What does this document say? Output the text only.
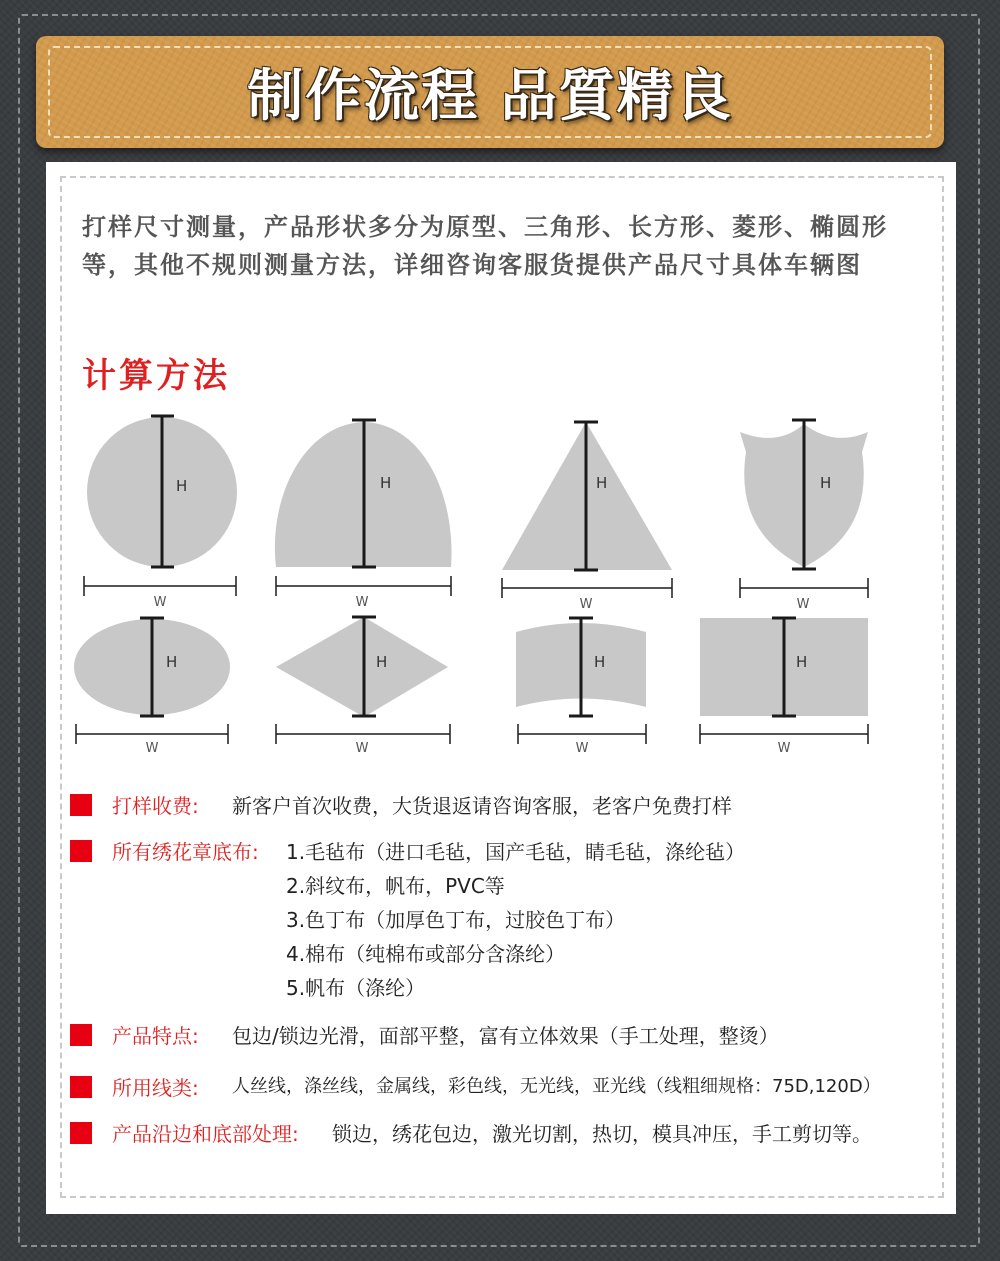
制作流程 品質精良

打样尺寸测量，产品形状多分为原型、三角形、长方形、菱形、椭圆形等，其他不规则测量方法，详细咨询客服货提供产品尺寸具体车辆图

计算方法
H	H	H	H
H	H	H	H
W	W	W	W
W	W	W	W
打样收费: 新客户首次收费，大货退返请咨询客服，老客户免费打样
所有绣花章底布: 1.毛毡布（进口毛毡，国产毛毡，睛毛毡，涤纶毡）
2.斜纹布，帆布，PVC等
3.色丁布（加厚色丁布，过胶色丁布）
4.棉布（纯棉布或部分含涤纶）
5.帆布（涤纶）
产品特点: 包边/锁边光滑，面部平整，富有立体效果（手工处理，整烫）
所用线类: 人丝线，涤丝线，金属线，彩色线，无光线，亚光线（线粗细规格：75D,120D）
产品沿边和底部处理: 锁边，绣花包边，激光切割，热切，模具冲压，手工剪切等。
